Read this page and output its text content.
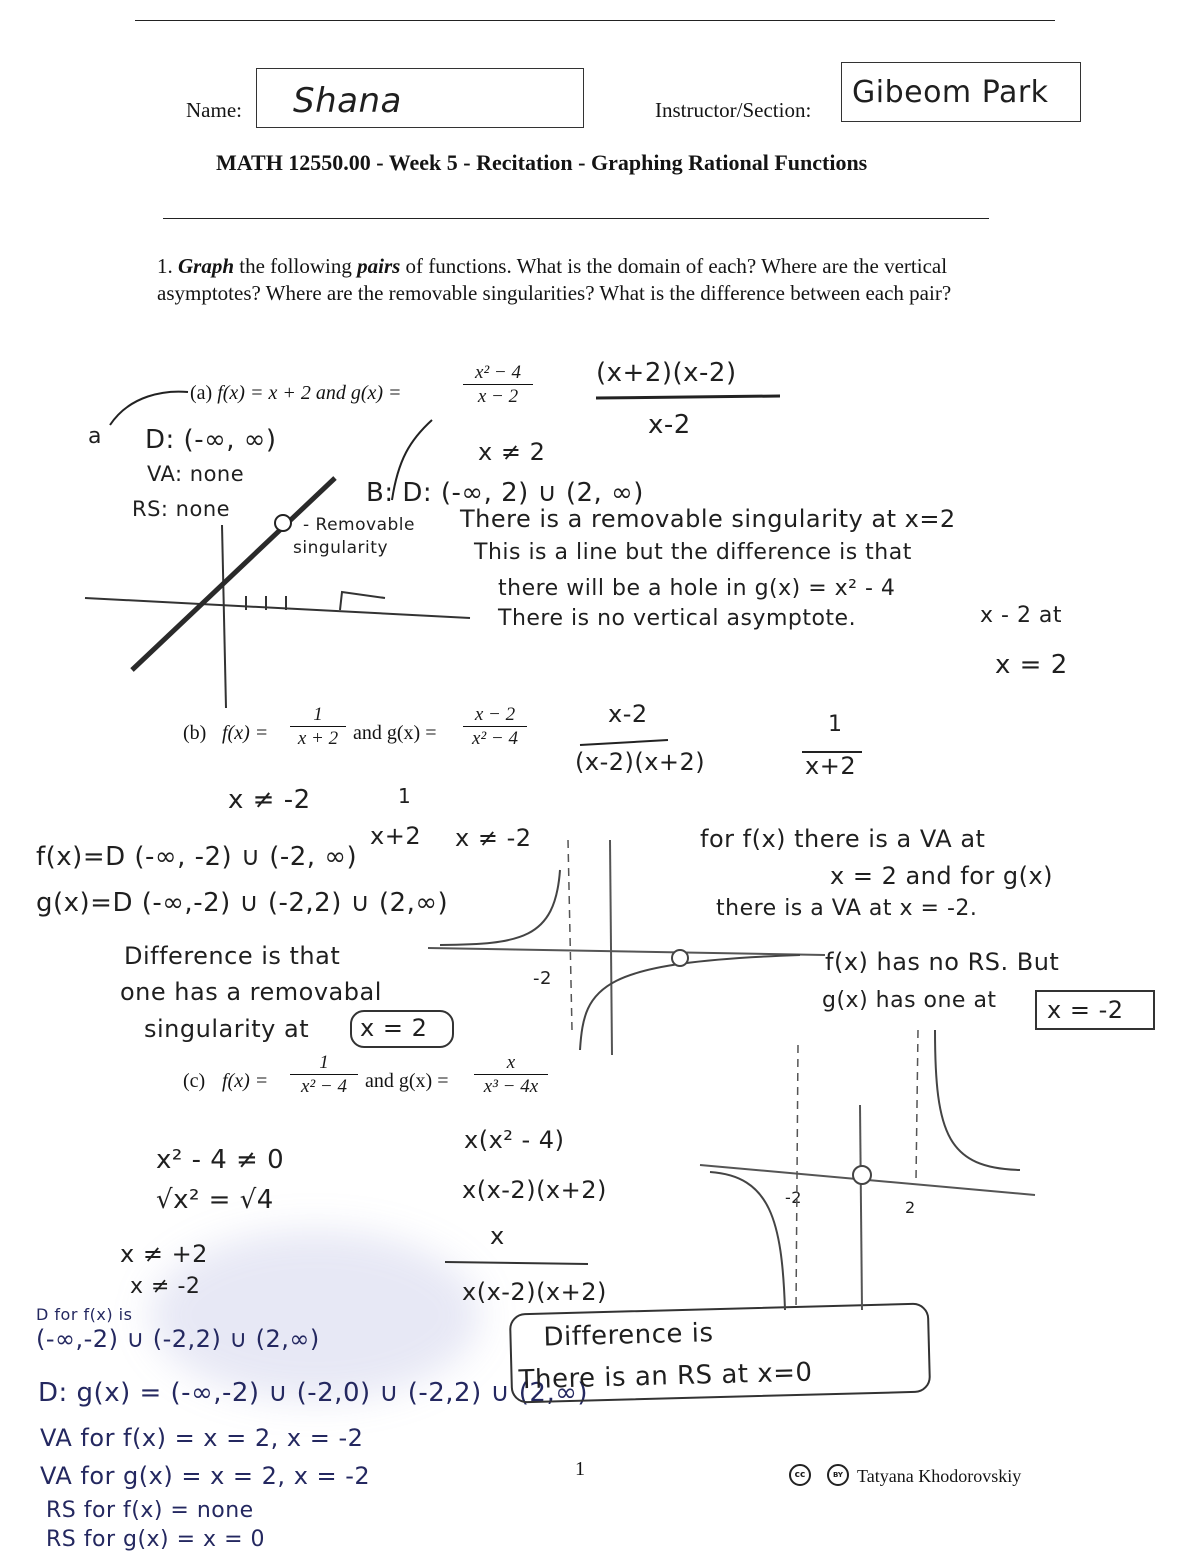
Name: Shana	Instructor/Section: Gibeom Park
MATH 12550.00 - Week 5 - Recitation - Graphing Rational Functions
1. Graph the following pairs of functions. What is the domain of each? Where are the vertical asymptotes? Where are the removable singularities? What is the difference between each pair?
(a) f(x) = x + 2 and g(x) =	$\frac{\text{x² − 4}}{x - 2} (x+2)(x-2)$
x-2
x ≠ 2
a D: (-∞, ∞)
VA: none
RS: none
- Removable
singularity
B: D: (-∞, 2) ∪ (2, ∞)
There is a removable singularity at x=2
This is a line but the difference is that
there will be a hole in g(x) = x² - 4
x - 2 at
There is no vertical asymptote.
x = 2
(b) $f(x) = \frac{1}{x + 2}$ and $g(x) = \frac{x - 2}{\text{x² − 4}}$	x-2
(x-2)(x+2)
1
x+2
x ≠ -2	1
x+2 x ≠ -2
f(x)=D (-∞, -2) ∪ (-2, ∞)
g(x)=D (-∞,-2) ∪ (-2,2) ∪ (2,∞)
Difference is that
one has a removabal
singularity at x = 2
-2
for f(x) there is a VA at
x = 2 and for g(x)
there is a VA at x = -2.
f(x) has no RS. But
g(x) has one at x = -2
(c) $f(x) = \frac{1}{\text{x² − 4}}$ and $g(x) = \frac{x}{\text{x³ − 4x}}$
x² - 4 ≠ 0
√x² = √4
x ≠ +2
x ≠ -2
x(x² - 4)
x(x-2)(x+2)
x
x(x-2)(x+2)
D for f(x) is
(-∞,-2) ∪ (-2,2) ∪ (2,∞)
D: g(x) = (-∞,-2) ∪ (-2,0) ∪ (-2,2) ∪ (2,∞)
VA for f(x) = x = 2, x = -2
VA for g(x) = x = 2, x = -2
RS for f(x) = none
RS for g(x) = x = 0
Difference is
There is an RS at x=0
-2
2
1	cc	BY Tatyana Khodorovskiy
